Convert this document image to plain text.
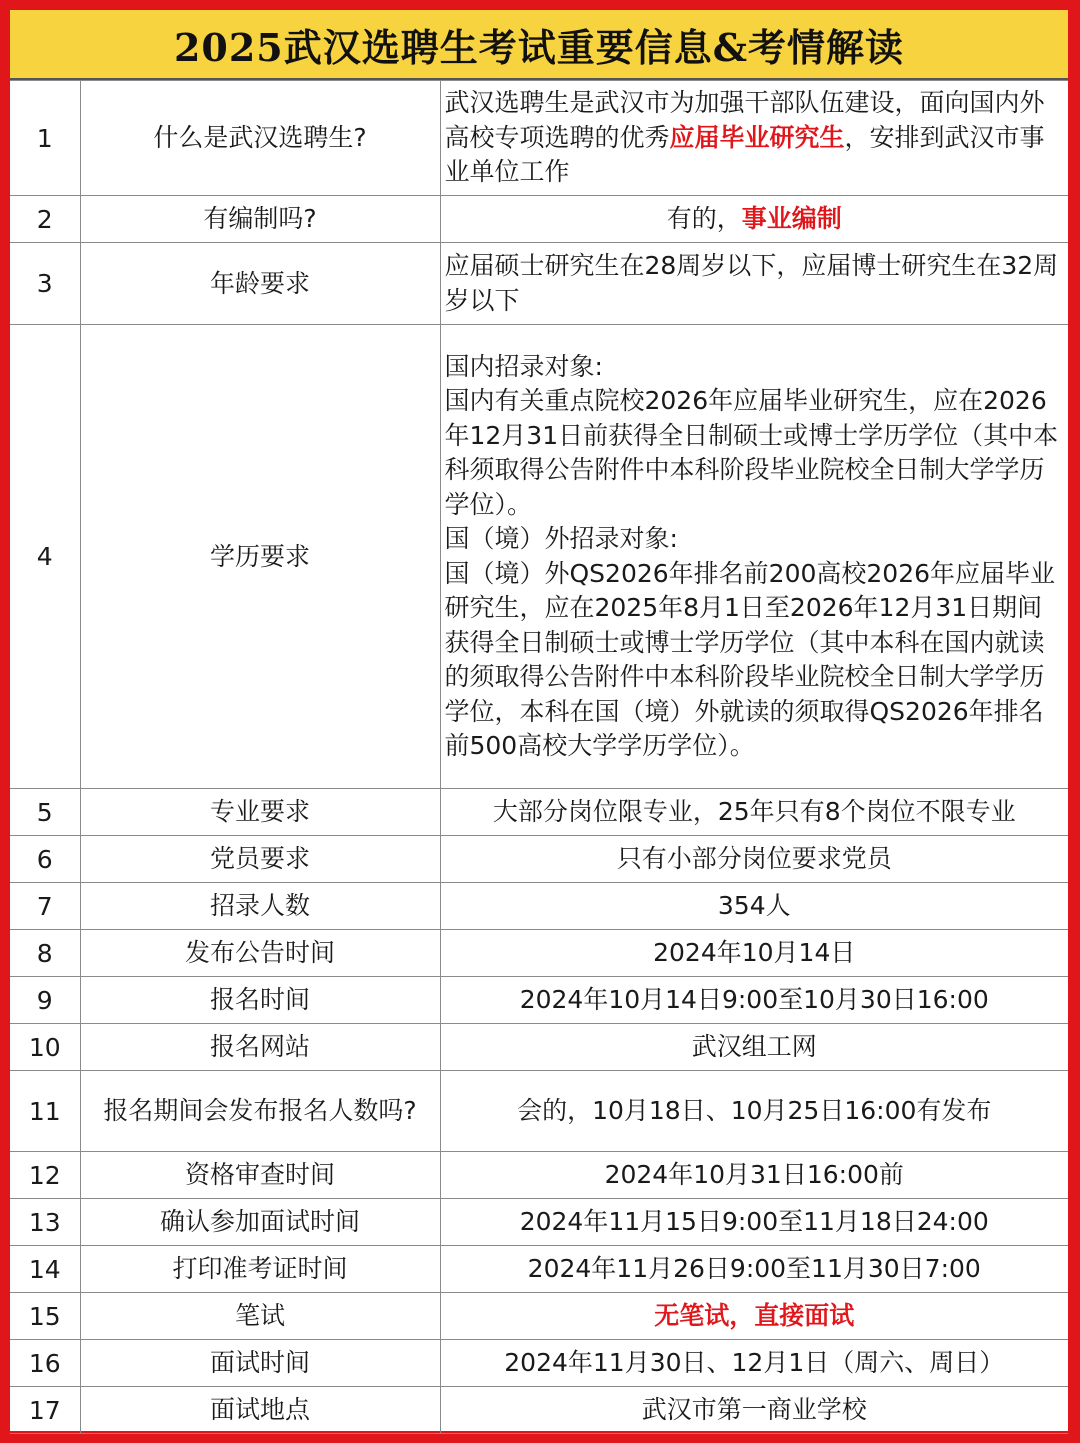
2025武汉选聘生考试重要信息&考情解读
1	什么是武汉选聘生?	武汉选聘生是武汉市为加强干部队伍建设，面向国内外高校专项选聘的优秀应届毕业研究生，安排到武汉市事业单位工作
2	有编制吗?	有的，事业编制
3	年龄要求	应届硕士研究生在28周岁以下，应届博士研究生在32周岁以下
4	学历要求	国内招录对象:
国内有关重点院校2026年应届毕业研究生，应在2026年12月31日前获得全日制硕士或博士学历学位（其中本科须取得公告附件中本科阶段毕业院校全日制大学学历学位）。
国（境）外招录对象:
国（境）外QS2026年排名前200高校2026年应届毕业研究生，应在2025年8月1日至2026年12月31日期间获得全日制硕士或博士学历学位（其中本科在国内就读的须取得公告附件中本科阶段毕业院校全日制大学学历学位，本科在国（境）外就读的须取得QS2026年排名前500高校大学学历学位）。

5	专业要求	大部分岗位限专业，25年只有8个岗位不限专业
6	党员要求	只有小部分岗位要求党员
7	招录人数	354人
8	发布公告时间	2024年10月14日
9	报名时间	2024年10月14日9:00至10月30日16:00
10	报名网站	武汉组工网
11	报名期间会发布报名人数吗?	会的，10月18日、10月25日16:00有发布
12	资格审查时间	2024年10月31日16:00前
13	确认参加面试时间	2024年11月15日9:00至11月18日24:00
14	打印准考证时间	2024年11月26日9:00至11月30日7:00
15	笔试	无笔试，直接面试
16	面试时间	2024年11月30日、12月1日（周六、周日）
17	面试地点	武汉市第一商业学校
